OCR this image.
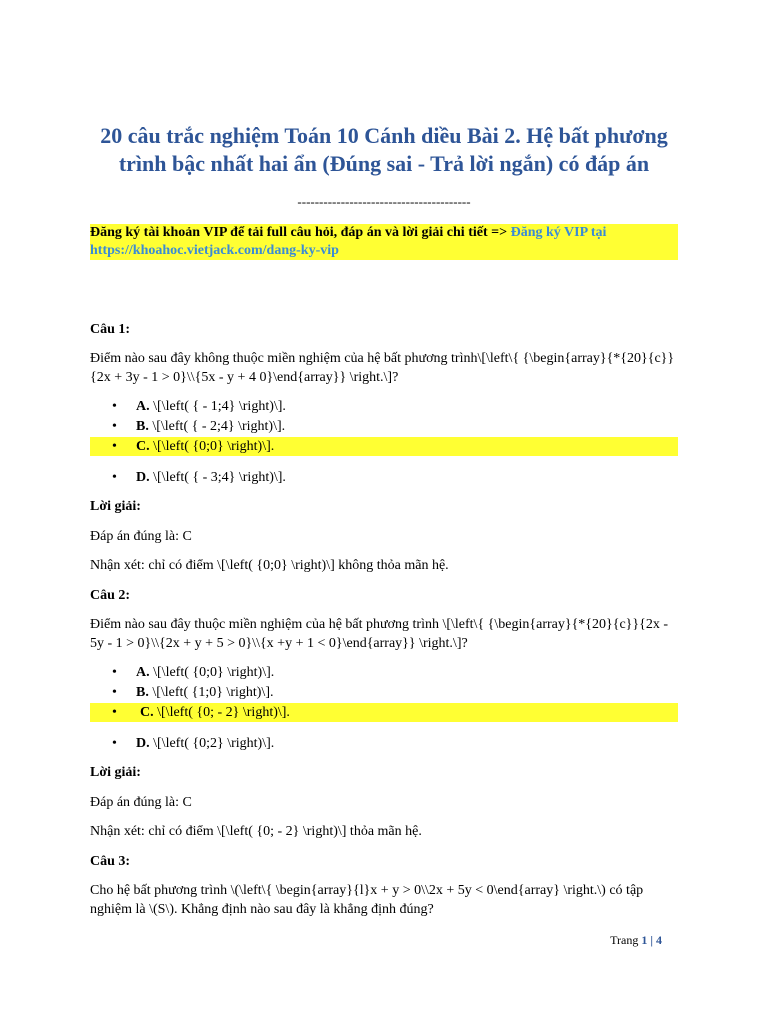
20 câu trắc nghiệm Toán 10 Cánh diều Bài 2. Hệ bất phương trình bậc nhất hai ẩn (Đúng sai - Trả lời ngắn) có đáp án
----------------------------------------
Đăng ký tài khoản VIP để tải full câu hỏi, đáp án và lời giải chi tiết => Đăng ký VIP tại https://khoahoc.vietjack.com/dang-ky-vip
Câu 1:
Điểm nào sau đây không thuộc miền nghiệm của hệ bất phương trình\[\left\{ {\begin{array}{*{20}{c}}{2x + 3y - 1 > 0}\\{5x - y + 4 0}\end{array}} \right.\]?
• A. \[\left( { - 1;4} \right)\].
• B. \[\left( { - 2;4} \right)\].
• C. \[\left( {0;0} \right)\].
• D. \[\left( { - 3;4} \right)\].
Lời giải:
Đáp án đúng là: C
Nhận xét: chỉ có điểm \[\left( {0;0} \right)\] không thỏa mãn hệ.
Câu 2:
Điểm nào sau đây thuộc miền nghiệm của hệ bất phương trình \[\left\{ {\begin{array}{*{20}{c}}{2x - 5y - 1 > 0}\\{2x + y + 5 > 0}\\{x +y + 1 < 0}\end{array}} \right.\]?
• A. \[\left( {0;0} \right)\].
• B. \[\left( {1;0} \right)\].
• C. \[\left( {0; - 2} \right)\].
• D. \[\left( {0;2} \right)\].
Lời giải:
Đáp án đúng là: C
Nhận xét: chỉ có điểm \[\left( {0; - 2} \right)\] thỏa mãn hệ.
Câu 3:
Cho hệ bất phương trình \(\left\{ \begin{array}{l}x + y > 0\\2x + 5y < 0\end{array} \right.\) có tập nghiệm là \(S\). Khẳng định nào sau đây là khẳng định đúng?
Trang 1 | 4
